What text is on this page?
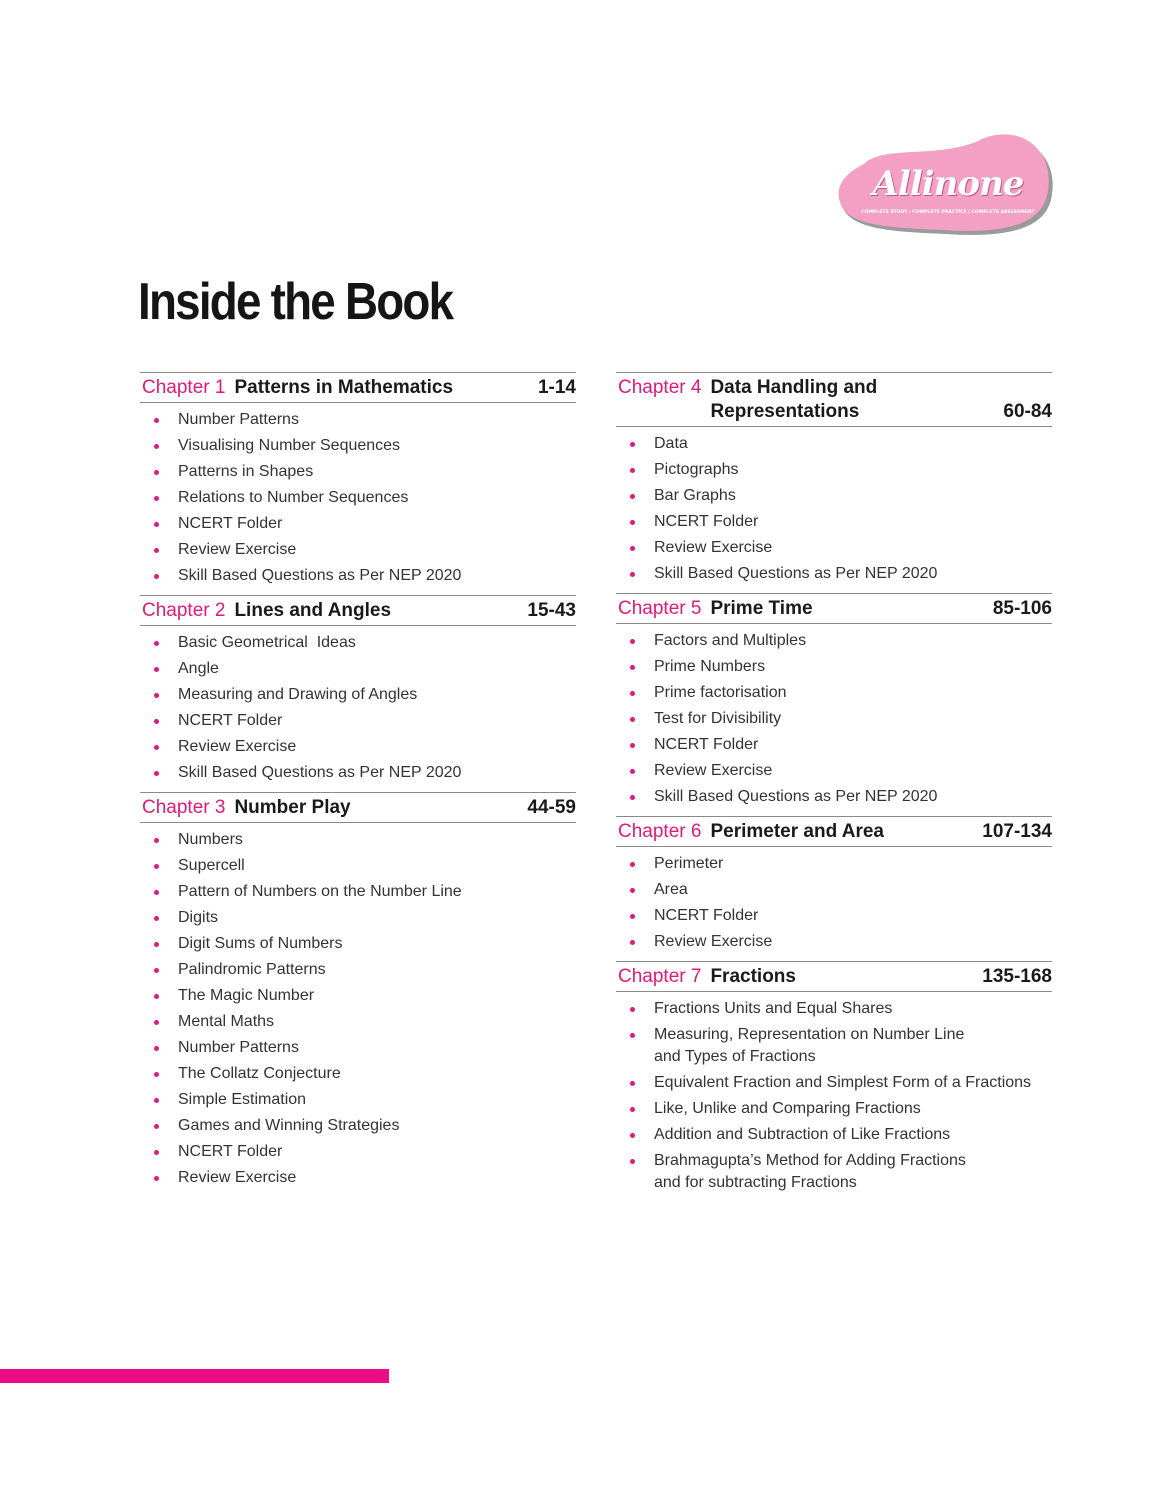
Allinone
COMPLETE STUDY | COMPLETE PRACTICE | COMPLETE ASSESSMENT
Inside the Book
Chapter 1 Patterns in Mathematics	1-14
Number Patterns
Visualising Number Sequences
Patterns in Shapes
Relations to Number Sequences
NCERT Folder
Review Exercise
Skill Based Questions as Per NEP 2020
Chapter 2 Lines and Angles	15-43
Basic Geometrical  Ideas
Angle
Measuring and Drawing of Angles
NCERT Folder
Review Exercise
Skill Based Questions as Per NEP 2020
Chapter 3 Number Play	44-59
Numbers
Supercell
Pattern of Numbers on the Number Line
Digits
Digit Sums of Numbers
Palindromic Patterns
The Magic Number
Mental Maths
Number Patterns
The Collatz Conjecture
Simple Estimation
Games and Winning Strategies
NCERT Folder
Review Exercise
Chapter 4 Data Handling and
Representations	60-84
Data
Pictographs
Bar Graphs
NCERT Folder
Review Exercise
Skill Based Questions as Per NEP 2020
Chapter 5 Prime Time	85-106
Factors and Multiples
Prime Numbers
Prime factorisation
Test for Divisibility
NCERT Folder
Review Exercise
Skill Based Questions as Per NEP 2020
Chapter 6 Perimeter and Area	107-134
Perimeter
Area
NCERT Folder
Review Exercise
Chapter 7 Fractions	135-168
Fractions Units and Equal Shares
Measuring, Representation on Number Line
and Types of Fractions
Equivalent Fraction and Simplest Form of a Fractions
Like, Unlike and Comparing Fractions
Addition and Subtraction of Like Fractions
Brahmagupta’s Method for Adding Fractions
and for subtracting Fractions
